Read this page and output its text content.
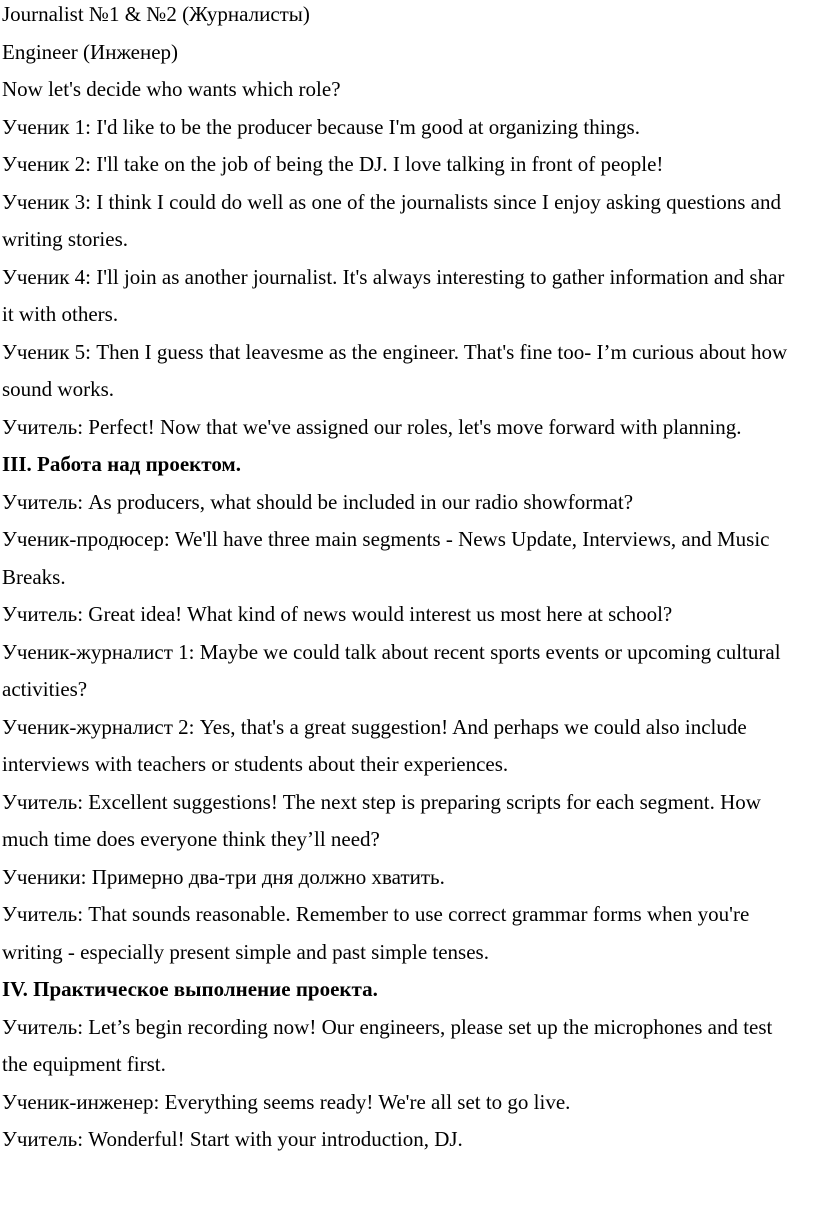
Journalist №1 & №2 (Журналисты)
Engineer (Инженер)
Now let's decide who wants which role?
Ученик 1: I'd like to be the producer because I'm good at organizing things.
Ученик 2: I'll take on the job of being the DJ. I love talking in front of people!
Ученик 3: I think I could do well as one of the journalists since I enjoy asking questions and
writing stories.
Ученик 4: I'll join as another journalist. It's always interesting to gather information and shar
it with others.
Ученик 5: Then I guess that leavesme as the engineer. That's fine too- I’m curious about how
sound works.
Учитель: Perfect! Now that we've assigned our roles, let's move forward with planning.
III. Работа над проектом.
Учитель: As producers, what should be included in our radio showformat?
Ученик-продюсер: We'll have three main segments - News Update, Interviews, and Music
Breaks.
Учитель: Great idea! What kind of news would interest us most here at school?
Ученик-журналист 1: Maybe we could talk about recent sports events or upcoming cultural
activities?
Ученик-журналист 2: Yes, that's a great suggestion! And perhaps we could also include
interviews with teachers or students about their experiences.
Учитель: Excellent suggestions! The next step is preparing scripts for each segment. How
much time does everyone think they’ll need?
Ученики: Примерно два-три дня должно хватить.
Учитель: That sounds reasonable. Remember to use correct grammar forms when you're
writing - especially present simple and past simple tenses.
IV. Практическое выполнение проекта.
Учитель: Let’s begin recording now! Our engineers, please set up the microphones and test
the equipment first.
Ученик-инженер: Everything seems ready! We're all set to go live.
Учитель: Wonderful! Start with your introduction, DJ.
